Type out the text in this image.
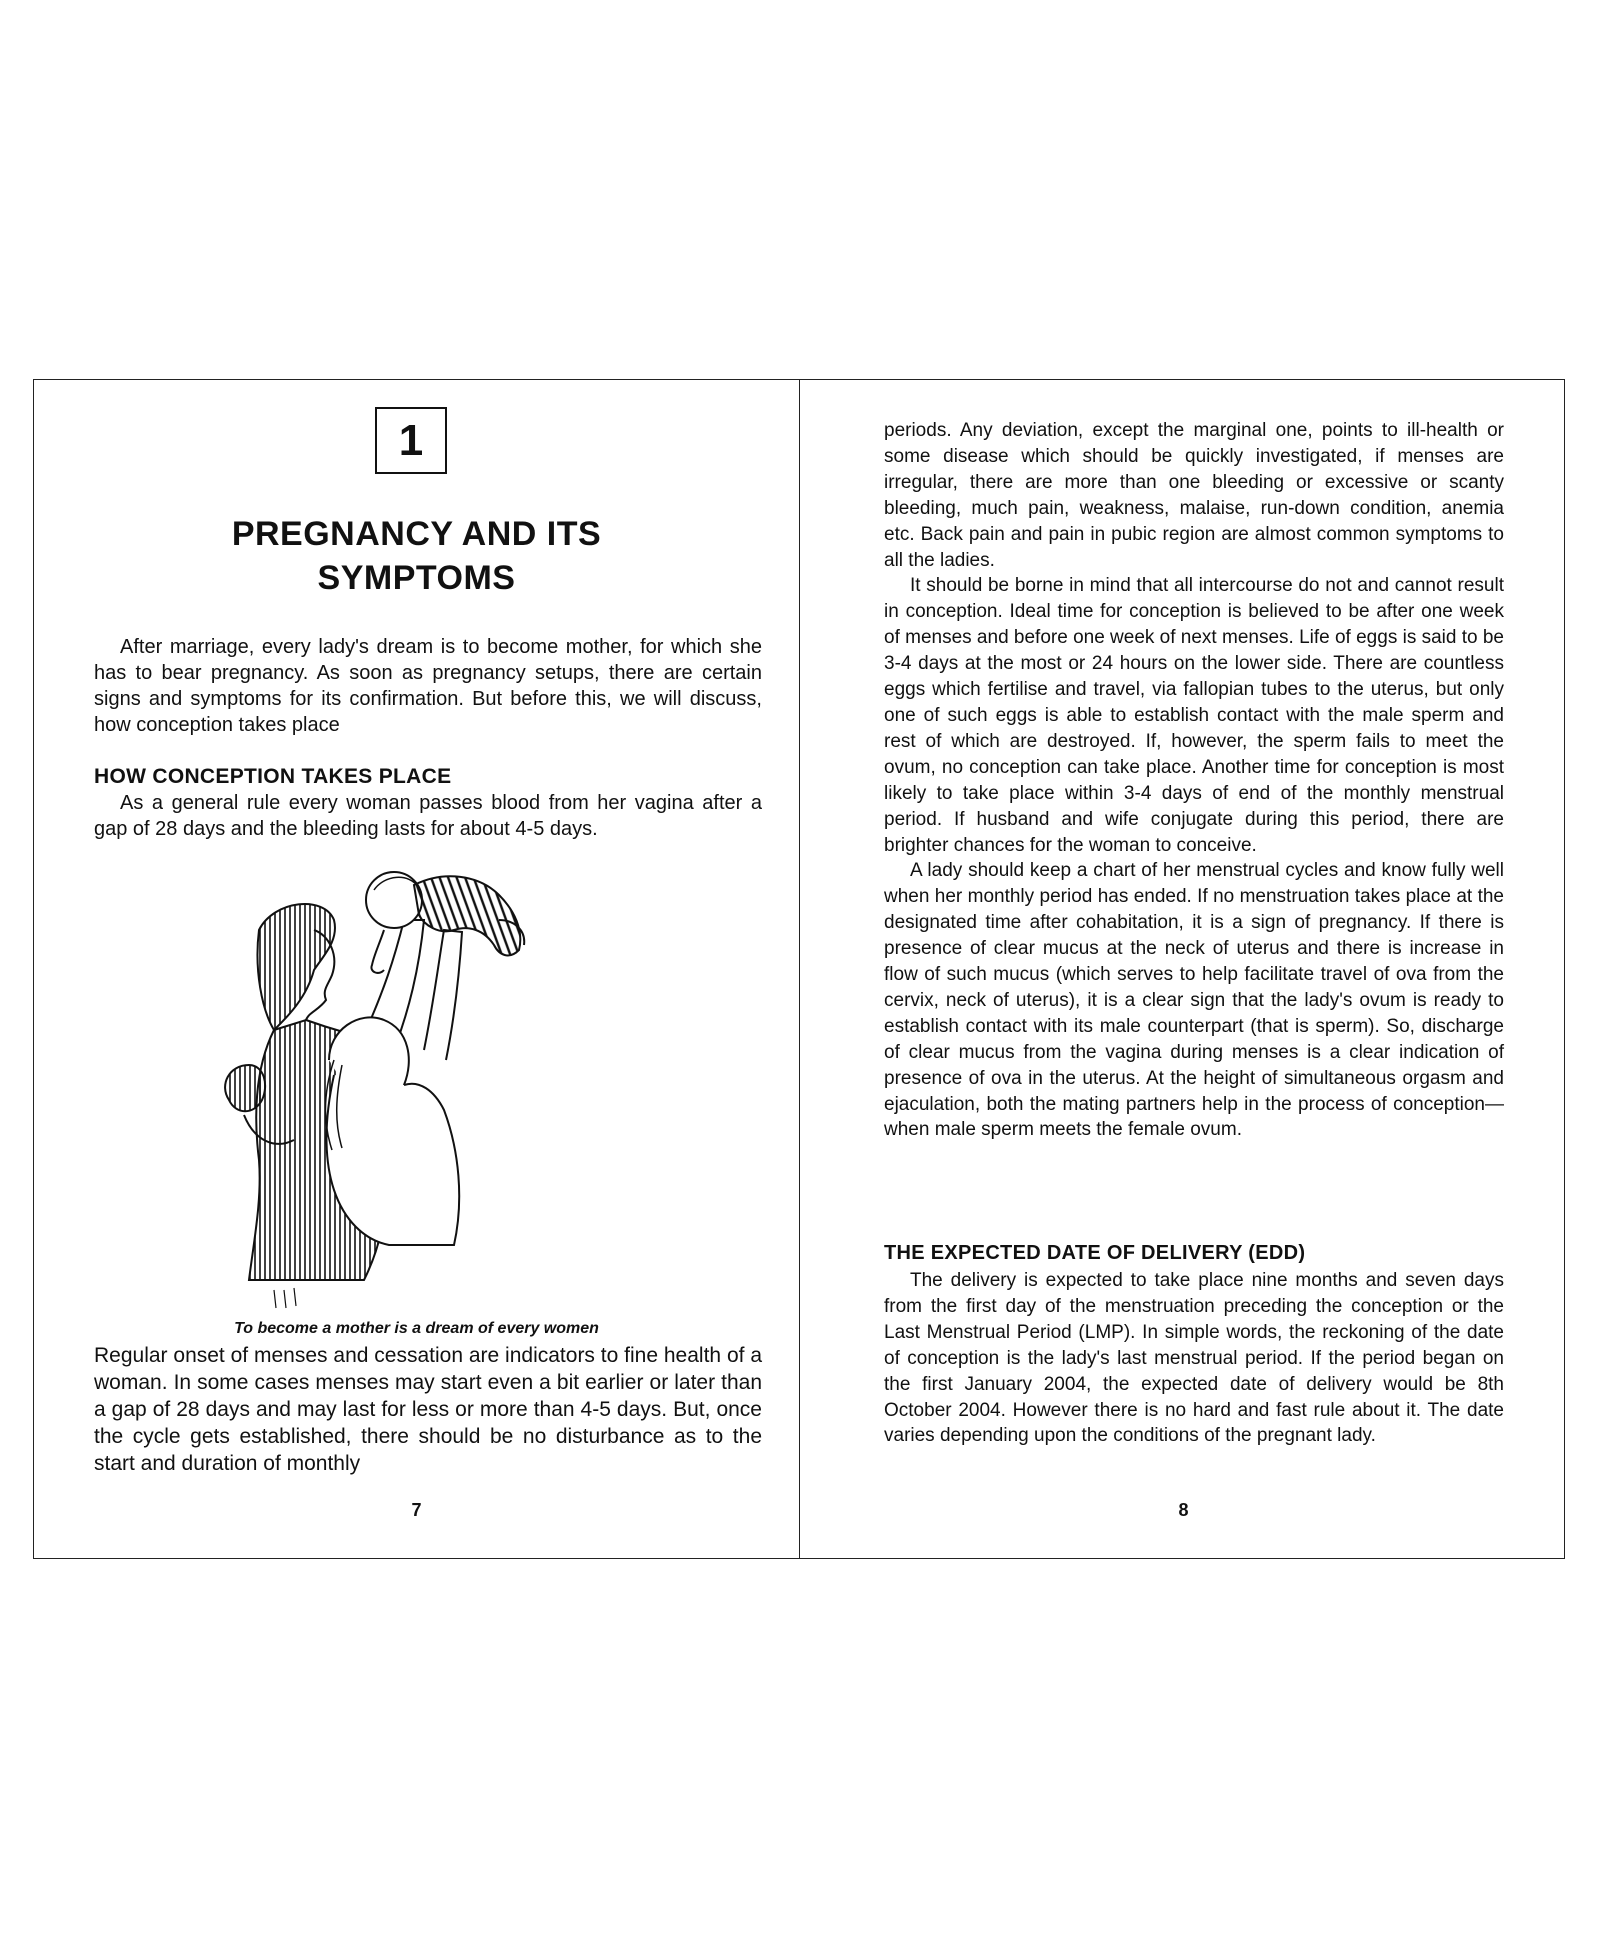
1
PREGNANCY AND ITS
SYMPTOMS

After marriage, every lady's dream is to become mother, for which she has to bear pregnancy. As soon as pregnancy setups, there are certain signs and symptoms for its confirmation. But before this, we will discuss, how conception takes place

HOW CONCEPTION TAKES PLACE

As a general rule every woman passes blood from her vagina after a gap of 28 days and the bleeding lasts for about 4-5 days.

To become a mother is a dream of every women

Regular onset of menses and cessation are indicators to fine health of a woman. In some cases menses may start even a bit earlier or later than a gap of 28 days and may last for less or more than 4-5 days. But, once the cycle gets established, there should be no disturbance as to the start and duration of monthly

7

periods. Any deviation, except the marginal one, points to ill-health or some disease which should be quickly investigated, if menses are irregular, there are more than one bleeding or excessive or scanty bleeding, much pain, weakness, malaise, run-down condition, anemia etc. Back pain and pain in pubic region are almost common symptoms to all the ladies.

It should be borne in mind that all intercourse do not and cannot result in conception. Ideal time for conception is believed to be after one week of menses and before one week of next menses. Life of eggs is said to be 3-4 days at the most or 24 hours on the lower side. There are countless eggs which fertilise and travel, via fallopian tubes to the uterus, but only one of such eggs is able to establish contact with the male sperm and rest of which are destroyed. If, however, the sperm fails to meet the ovum, no conception can take place. Another time for conception is most likely to take place within 3-4 days of end of the monthly menstrual period. If husband and wife conjugate during this period, there are brighter chances for the woman to conceive.

A lady should keep a chart of her menstrual cycles and know fully well when her monthly period has ended. If no menstruation takes place at the designated time after cohabitation, it is a sign of pregnancy. If there is presence of clear mucus at the neck of uterus and there is increase in flow of such mucus (which serves to help facilitate travel of ova from the cervix, neck of uterus), it is a clear sign that the lady's ovum is ready to establish contact with its male counterpart (that is sperm). So, discharge of clear mucus from the vagina during menses is a clear indication of presence of ova in the uterus. At the height of simultaneous orgasm and ejaculation, both the mating partners help in the process of conception—when male sperm meets the female ovum.

THE EXPECTED DATE OF DELIVERY (EDD)

The delivery is expected to take place nine months and seven days from the first day of the menstruation preceding the conception or the Last Menstrual Period (LMP). In simple words, the reckoning of the date of conception is the lady's last menstrual period. If the period began on the first January 2004, the expected date of delivery would be 8th October 2004. However there is no hard and fast rule about it. The date varies depending upon the conditions of the pregnant lady.

8
